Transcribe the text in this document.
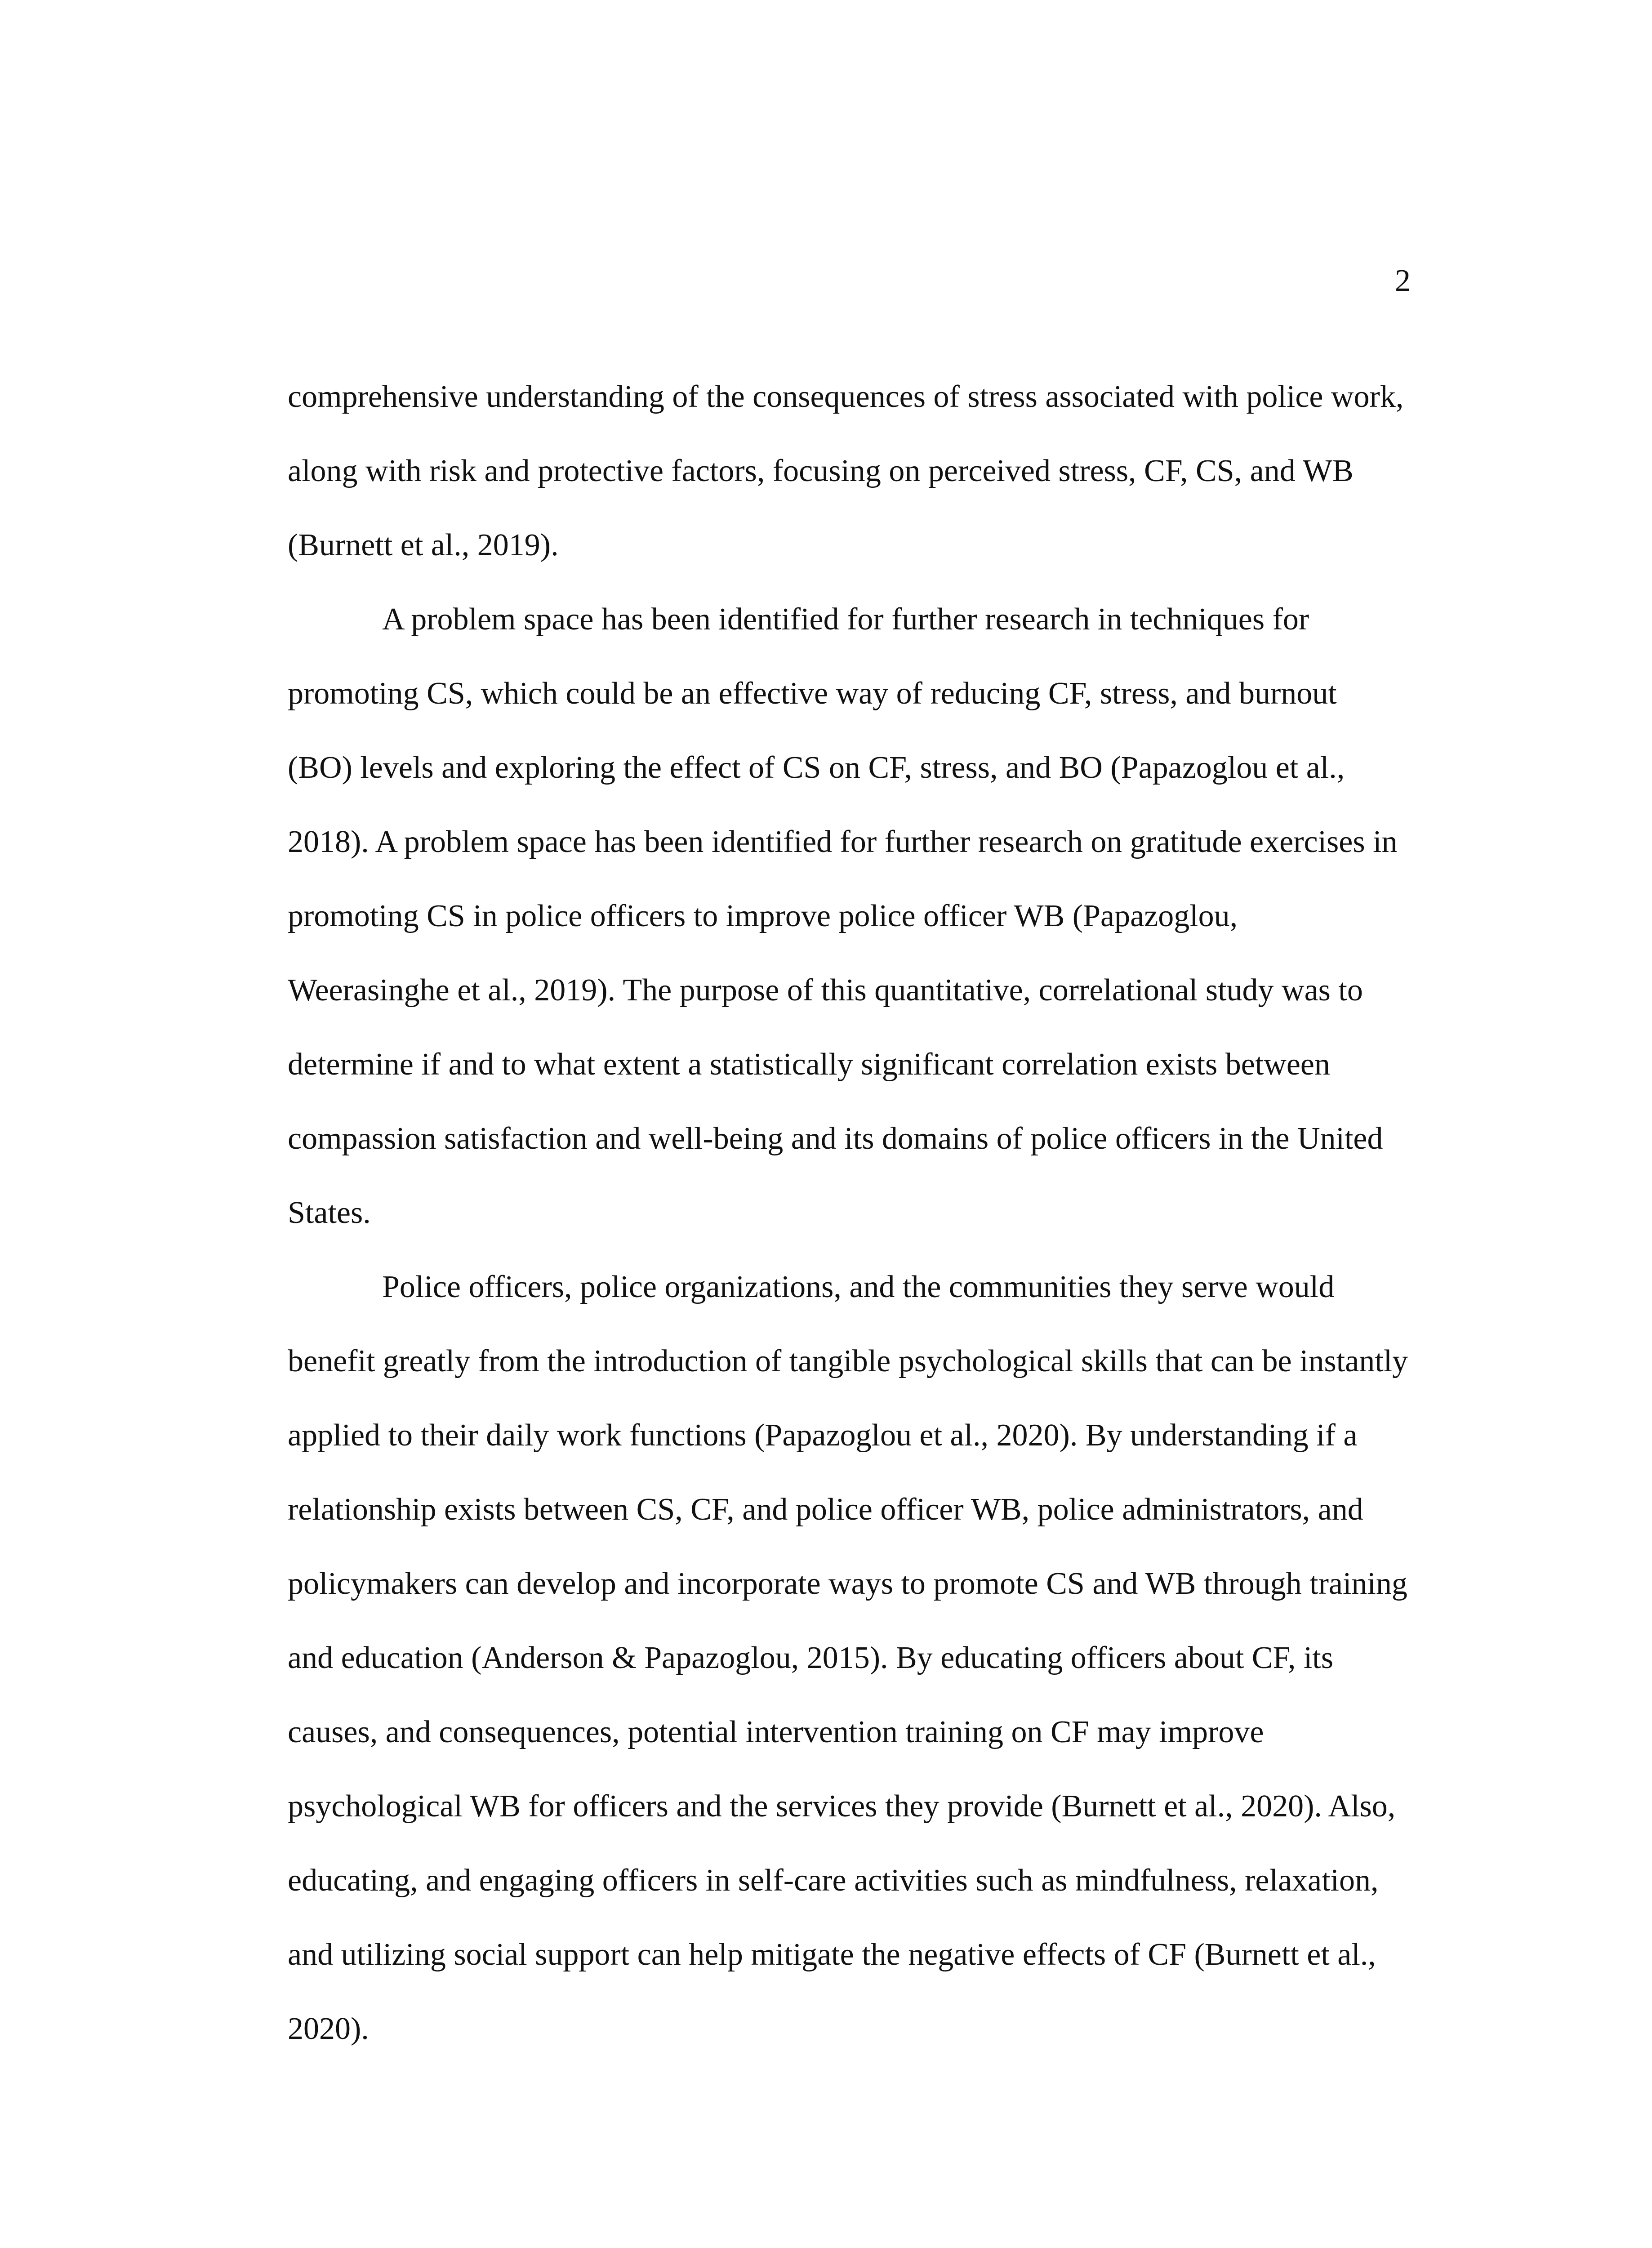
2
comprehensive understanding of the consequences of stress associated with police work,
along with risk and protective factors, focusing on perceived stress, CF, CS, and WB
(Burnett et al., 2019).
A problem space has been identified for further research in techniques for
promoting CS, which could be an effective way of reducing CF, stress, and burnout
(BO) levels and exploring the effect of CS on CF, stress, and BO (Papazoglou et al.,
2018). A problem space has been identified for further research on gratitude exercises in
promoting CS in police officers to improve police officer WB (Papazoglou,
Weerasinghe et al., 2019). The purpose of this quantitative, correlational study was to
determine if and to what extent a statistically significant correlation exists between
compassion satisfaction and well-being and its domains of police officers in the United
States.
Police officers, police organizations, and the communities they serve would
benefit greatly from the introduction of tangible psychological skills that can be instantly
applied to their daily work functions (Papazoglou et al., 2020). By understanding if a
relationship exists between CS, CF, and police officer WB, police administrators, and
policymakers can develop and incorporate ways to promote CS and WB through training
and education (Anderson & Papazoglou, 2015). By educating officers about CF, its
causes, and consequences, potential intervention training on CF may improve
psychological WB for officers and the services they provide (Burnett et al., 2020). Also,
educating, and engaging officers in self-care activities such as mindfulness, relaxation,
and utilizing social support can help mitigate the negative effects of CF (Burnett et al.,
2020).
